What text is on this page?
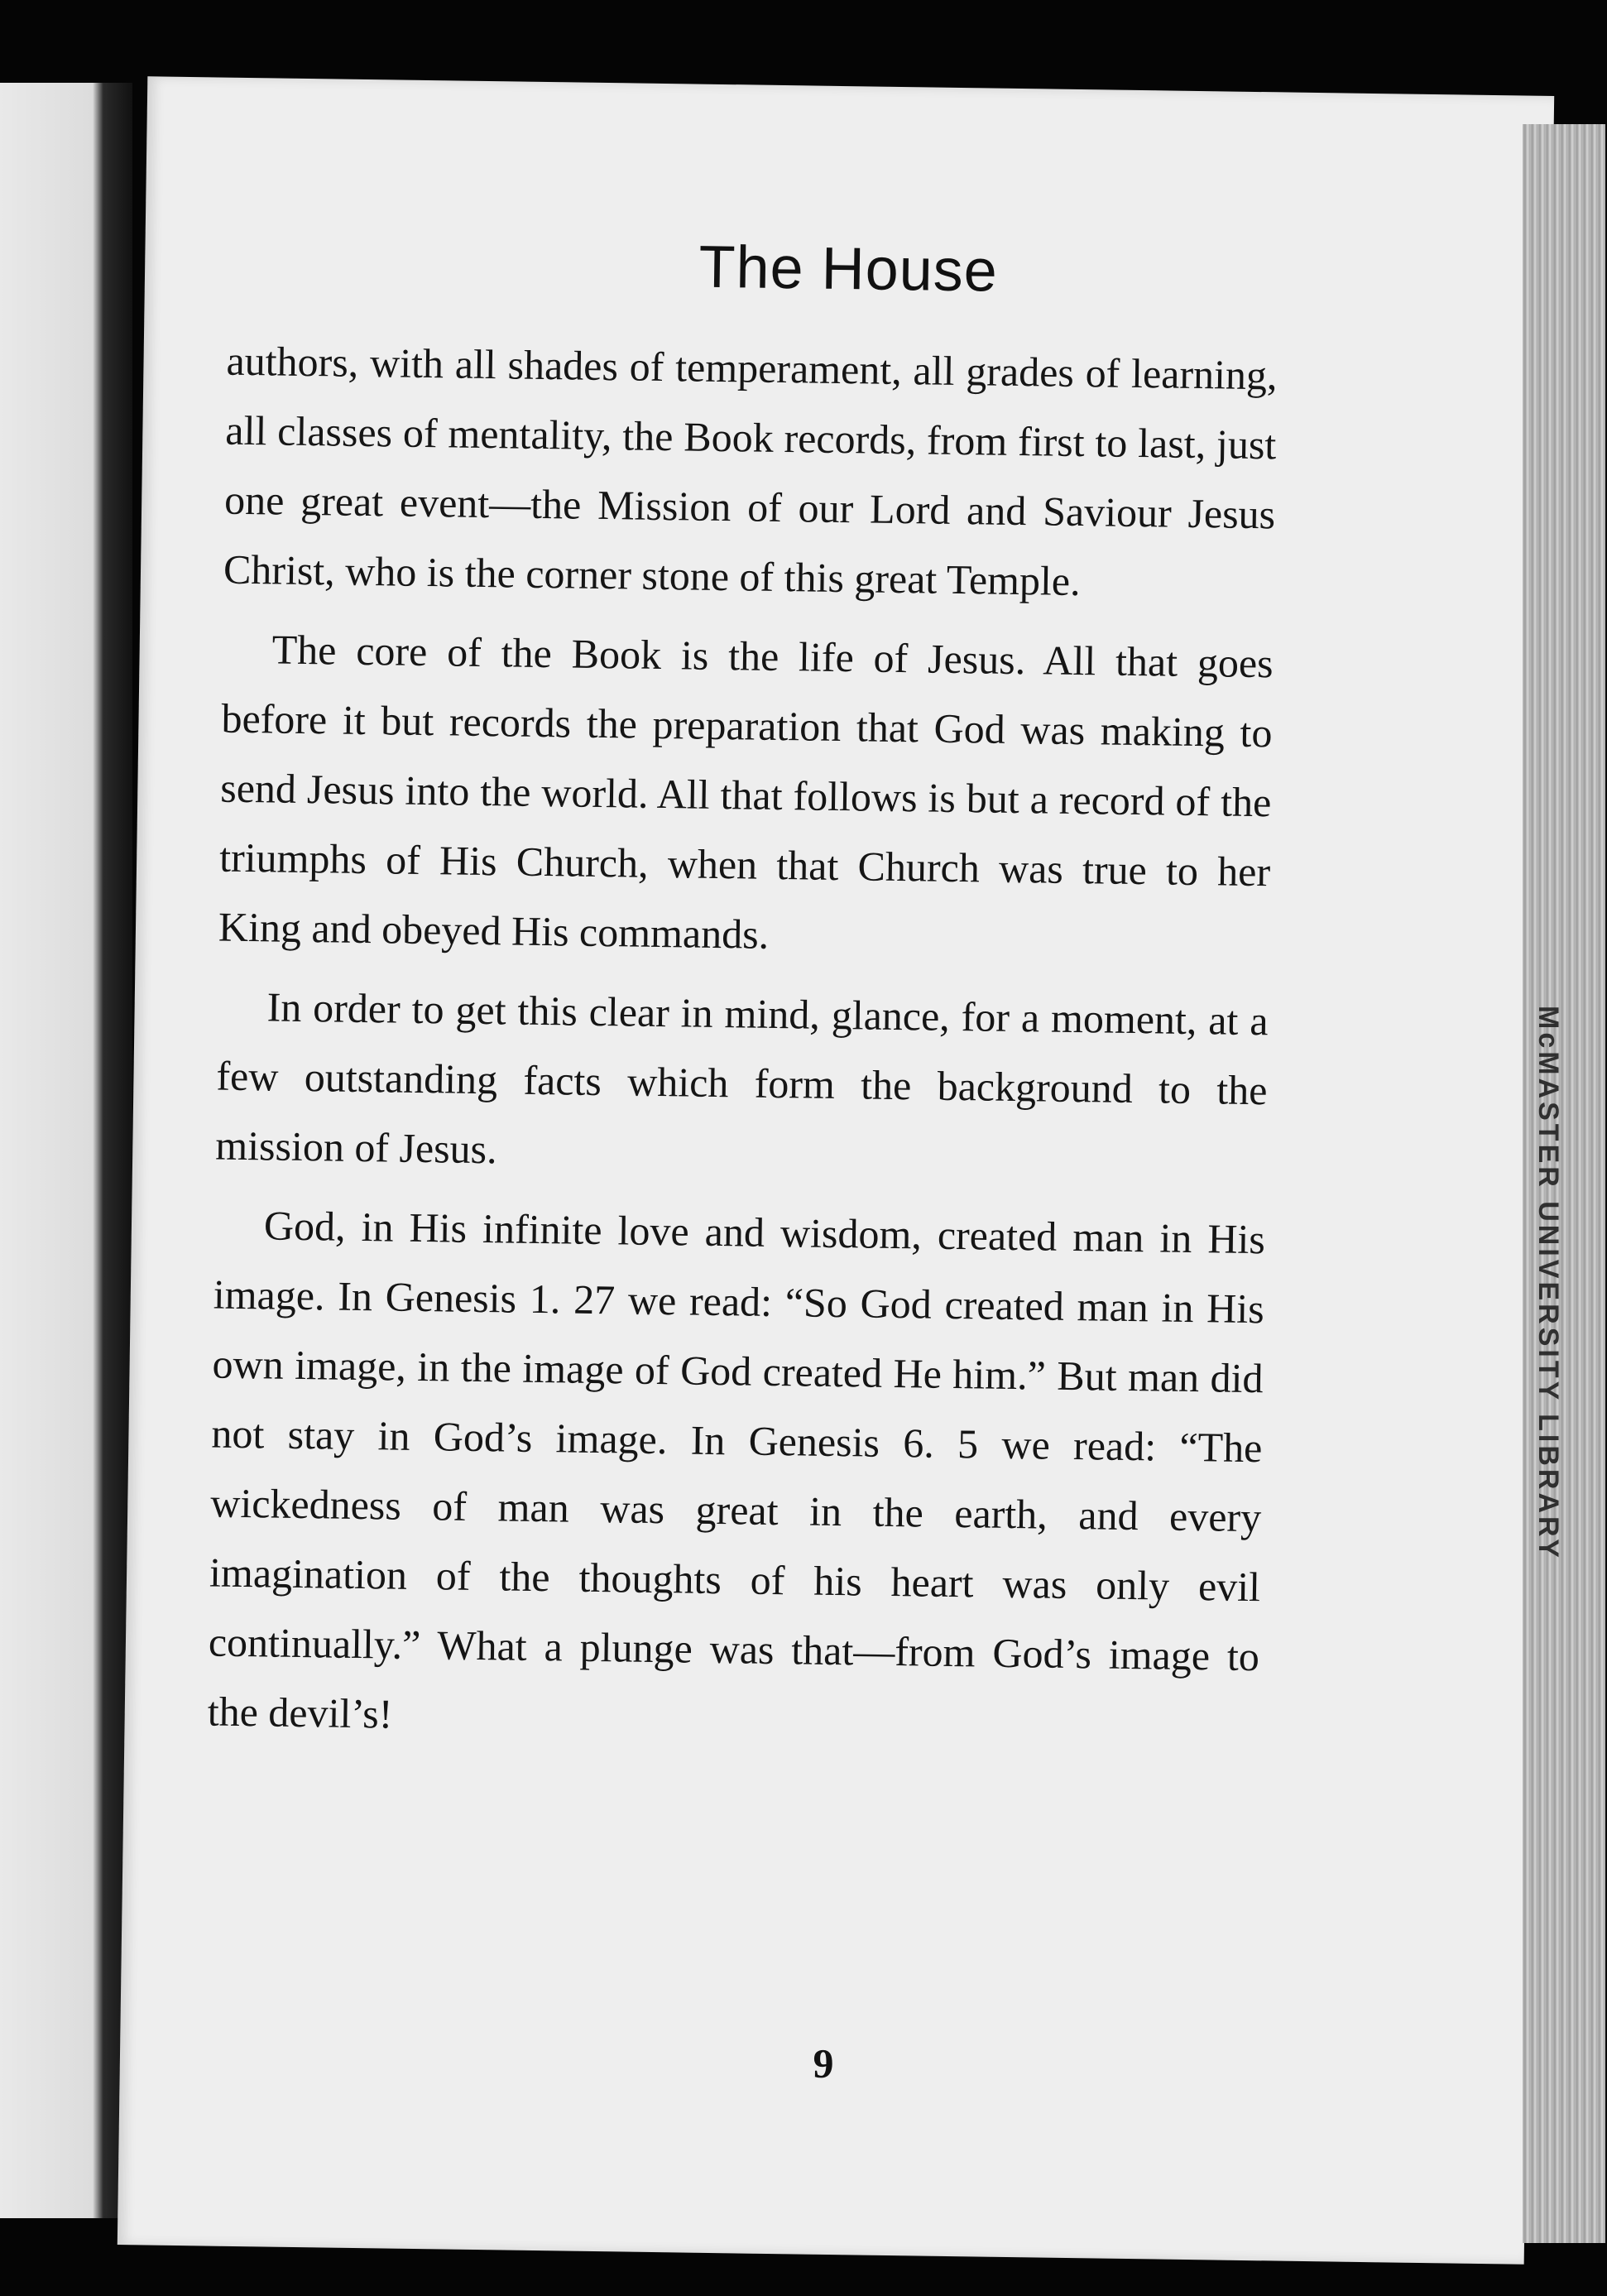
The House

authors, with all shades of temperament, all grades of learning, all classes of mentality, the Book records, from first to last, just one great event—the Mission of our Lord and Saviour Jesus Christ, who is the corner stone of this great Temple.

The core of the Book is the life of Jesus. All that goes before it but records the preparation that God was making to send Jesus into the world. All that follows is but a record of the triumphs of His Church, when that Church was true to her King and obeyed His commands.

In order to get this clear in mind, glance, for a moment, at a few outstanding facts which form the background to the mission of Jesus.

God, in His infinite love and wisdom, created man in His image. In Genesis 1. 27 we read: “So God created man in His own image, in the image of God created He him.” But man did not stay in God’s image. In Genesis 6. 5 we read: “The wickedness of man was great in the earth, and every imagination of the thoughts of his heart was only evil continually.” What a plunge was that—from God’s image to the devil’s!

9
McMASTER UNIVERSITY LIBRARY
